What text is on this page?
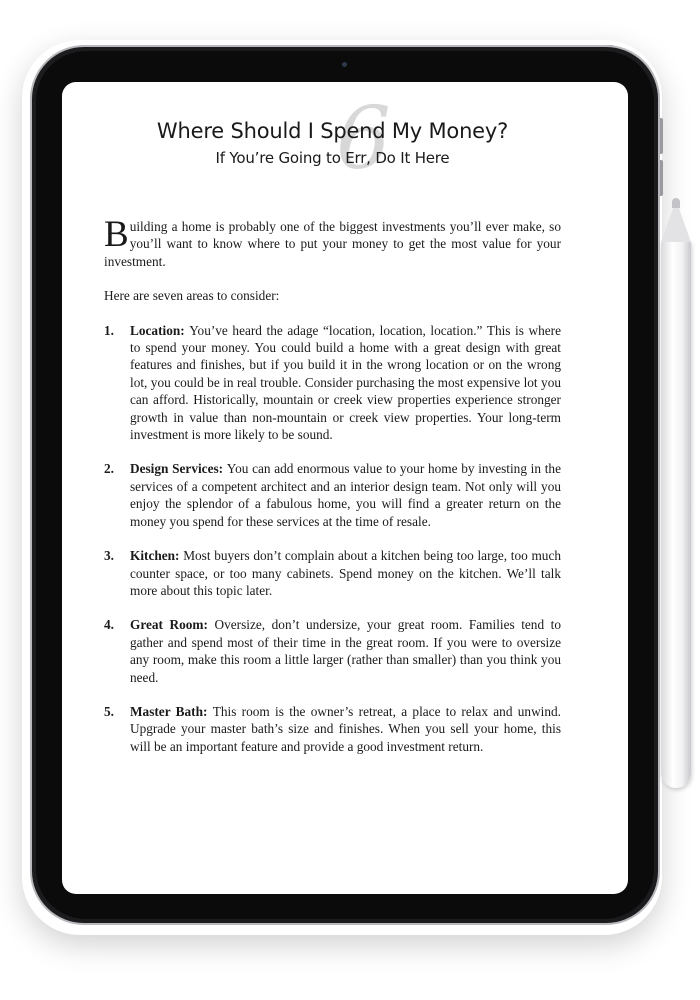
6
Where Should I Spend My Money?
If You’re Going to Err, Do It Here

Building a home is probably one of the biggest investments you’ll ever make, so you’ll want to know where to put your money to get the most value for your investment.

Here are seven areas to consider:

1. Location: You’ve heard the adage “location, location, location.” This is where to spend your money. You could build a home with a great design with great features and finishes, but if you build it in the wrong location or on the wrong lot, you could be in real trouble. Consider purchasing the most expensive lot you can afford. Historically, mountain or creek view properties experience stronger growth in value than non-mountain or creek view properties. Your long-term investment is more likely to be sound.
2. Design Services: You can add enormous value to your home by investing in the services of a competent architect and an interior design team. Not only will you enjoy the splendor of a fabulous home, you will find a greater return on the money you spend for these services at the time of resale.
3. Kitchen: Most buyers don’t complain about a kitchen being too large, too much counter space, or too many cabinets. Spend money on the kitchen. We’ll talk more about this topic later.
4. Great Room: Oversize, don’t undersize, your great room. Families tend to gather and spend most of their time in the great room. If you were to oversize any room, make this room a little larger (rather than smaller) than you think you need.
5. Master Bath: This room is the owner’s retreat, a place to relax and unwind. Upgrade your master bath’s size and finishes. When you sell your home, this will be an important feature and provide a good investment return.
